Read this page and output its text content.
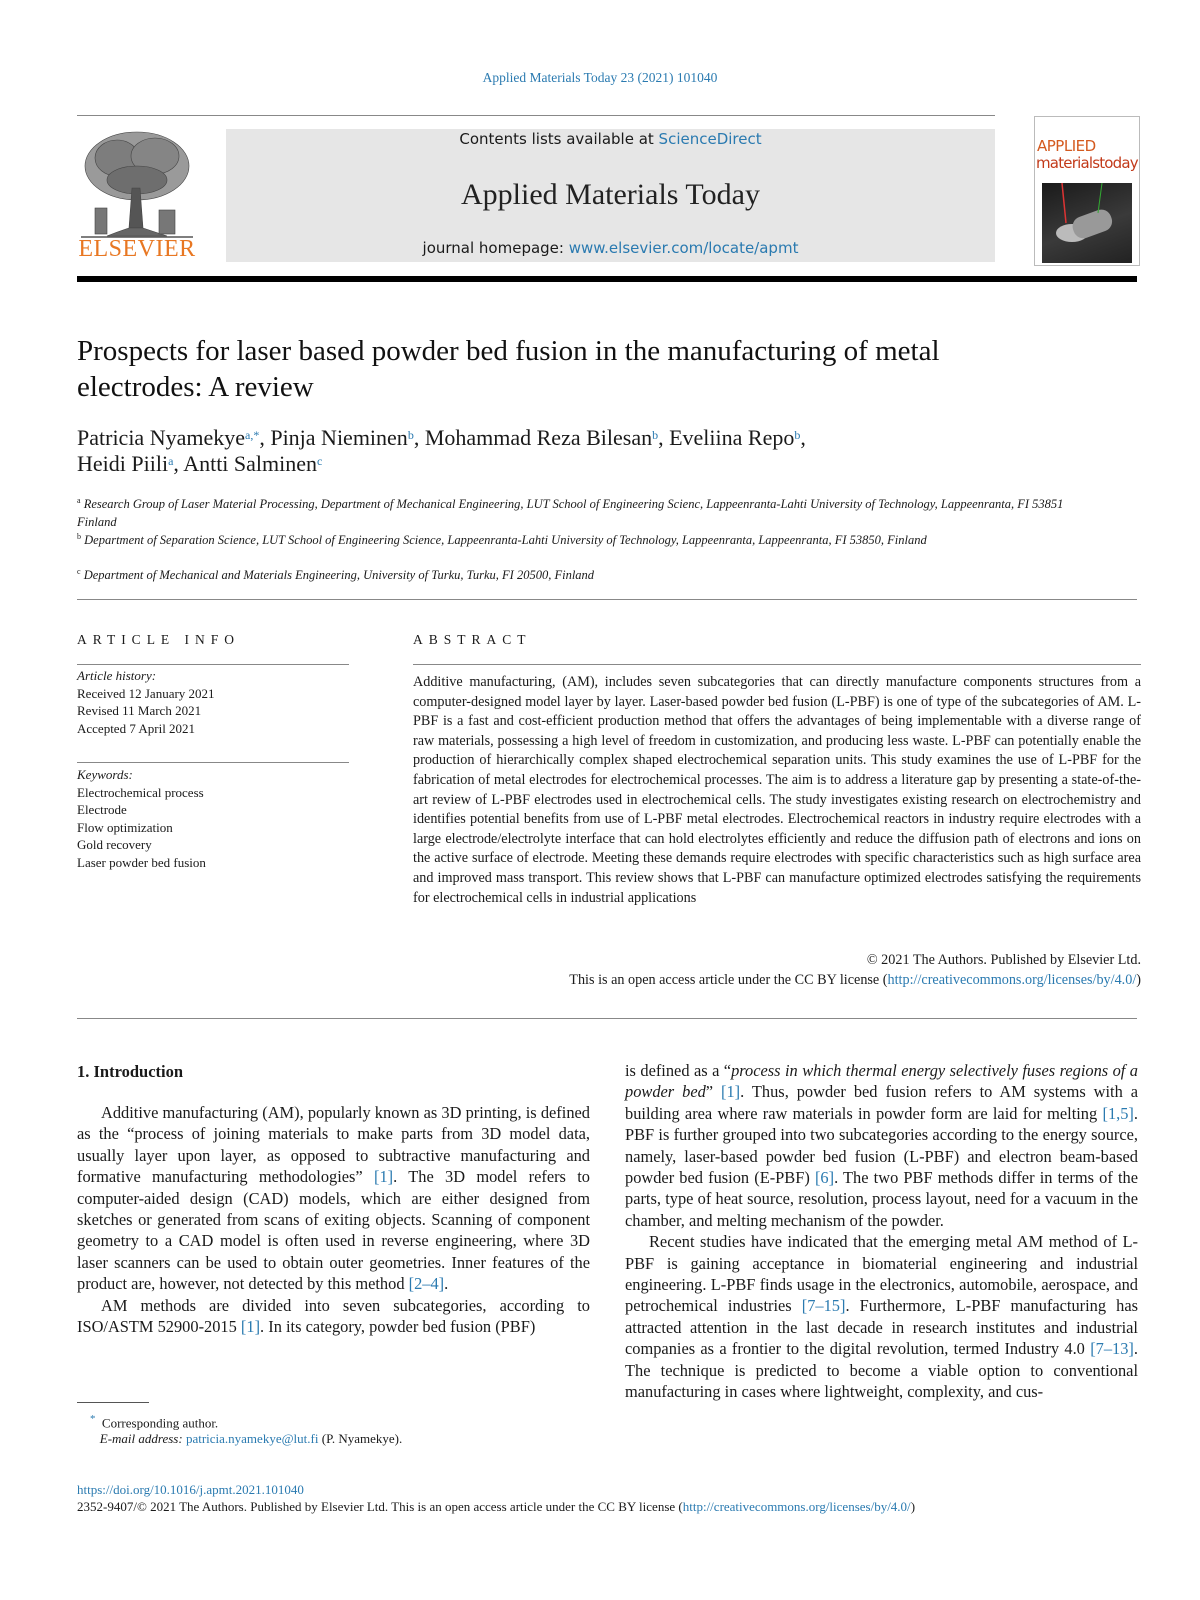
Applied Materials Today 23 (2021) 101040
ELSEVIER
Contents lists available at ScienceDirect
Applied Materials Today
journal homepage: www.elsevier.com/locate/apmt
APPLIED
materialstoday
Prospects for laser based powder bed fusion in the manufacturing of metal electrodes: A review
Patricia Nyamekye$^{a,*}$, Pinja Nieminen$^b$, Mohammad Reza Bilesan$^b$, Eveliina Repo$^b$,
Heidi Piili$^a$, Antti Salminen$^c$
$^a$ Research Group of Laser Material Processing, Department of Mechanical Engineering, LUT School of Engineering Scienc, Lappeenranta-Lahti University of Technology, Lappeenranta, FI 53851 Finland
$^b$ Department of Separation Science, LUT School of Engineering Science, Lappeenranta-Lahti University of Technology, Lappeenranta, Lappeenranta, FI 53850, Finland
$^c$ Department of Mechanical and Materials Engineering, University of Turku, Turku, FI 20500, Finland
ARTICLE INFO
Article history:
Received 12 January 2021
Revised 11 March 2021
Accepted 7 April 2021
Keywords:
Electrochemical process
Electrode
Flow optimization
Gold recovery
Laser powder bed fusion
ABSTRACT
Additive manufacturing, (AM), includes seven subcategories that can directly manufacture components structures from a computer-designed model layer by layer. Laser-based powder bed fusion (L-PBF) is one of type of the subcategories of AM. L-PBF is a fast and cost-efficient production method that offers the advantages of being implementable with a diverse range of raw materials, possessing a high level of freedom in customization, and producing less waste. L-PBF can potentially enable the production of hierarchically complex shaped electrochemical separation units. This study examines the use of L-PBF for the fabrication of metal electrodes for electrochemical processes. The aim is to address a literature gap by presenting a state-of-the-art review of L-PBF electrodes used in electrochemical cells. The study investigates existing research on electrochemistry and identifies potential benefits from use of L-PBF metal electrodes. Electrochemical reactors in industry require electrodes with a large electrode/electrolyte interface that can hold electrolytes efficiently and reduce the diffusion path of electrons and ions on the active surface of electrode. Meeting these demands require electrodes with specific characteristics such as high surface area and improved mass transport. This review shows that L-PBF can manufacture optimized electrodes satisfying the requirements for electrochemical cells in industrial applications
© 2021 The Authors. Published by Elsevier Ltd.
This is an open access article under the CC BY license (http://creativecommons.org/licenses/by/4.0/)
1. Introduction

Additive manufacturing (AM), popularly known as 3D printing, is defined as the “process of joining materials to make parts from 3D model data, usually layer upon layer, as opposed to subtractive manufacturing and formative manufacturing methodologies” [1]. The 3D model refers to computer-aided design (CAD) models, which are either designed from sketches or generated from scans of exiting objects. Scanning of component geometry to a CAD model is often used in reverse engineering, where 3D laser scanners can be used to obtain outer geometries. Inner features of the product are, however, not detected by this method [2–4].

AM methods are divided into seven subcategories, according to ISO/ASTM 52900-2015 [1]. In its category, powder bed fusion (PBF)

is defined as a “process in which thermal energy selectively fuses regions of a powder bed” [1]. Thus, powder bed fusion refers to AM systems with a building area where raw materials in powder form are laid for melting [1,5]. PBF is further grouped into two subcategories according to the energy source, namely, laser-based powder bed fusion (L-PBF) and electron beam-based powder bed fusion (E-PBF) [6]. The two PBF methods differ in terms of the parts, type of heat source, resolution, process layout, need for a vacuum in the chamber, and melting mechanism of the powder.

Recent studies have indicated that the emerging metal AM method of L-PBF is gaining acceptance in biomaterial engineering and industrial engineering. L-PBF finds usage in the electronics, automobile, aerospace, and petrochemical industries [7–15]. Furthermore, L-PBF manufacturing has attracted attention in the last decade in research institutes and industrial companies as a frontier to the digital revolution, termed Industry 4.0 [7–13]. The technique is predicted to become a viable option to conventional manufacturing in cases where lightweight, complexity, and cus-

* Corresponding author.
E-mail address: patricia.nyamekye@lut.fi (P. Nyamekye).
https://doi.org/10.1016/j.apmt.2021.101040
2352-9407/© 2021 The Authors. Published by Elsevier Ltd. This is an open access article under the CC BY license (http://creativecommons.org/licenses/by/4.0/)
